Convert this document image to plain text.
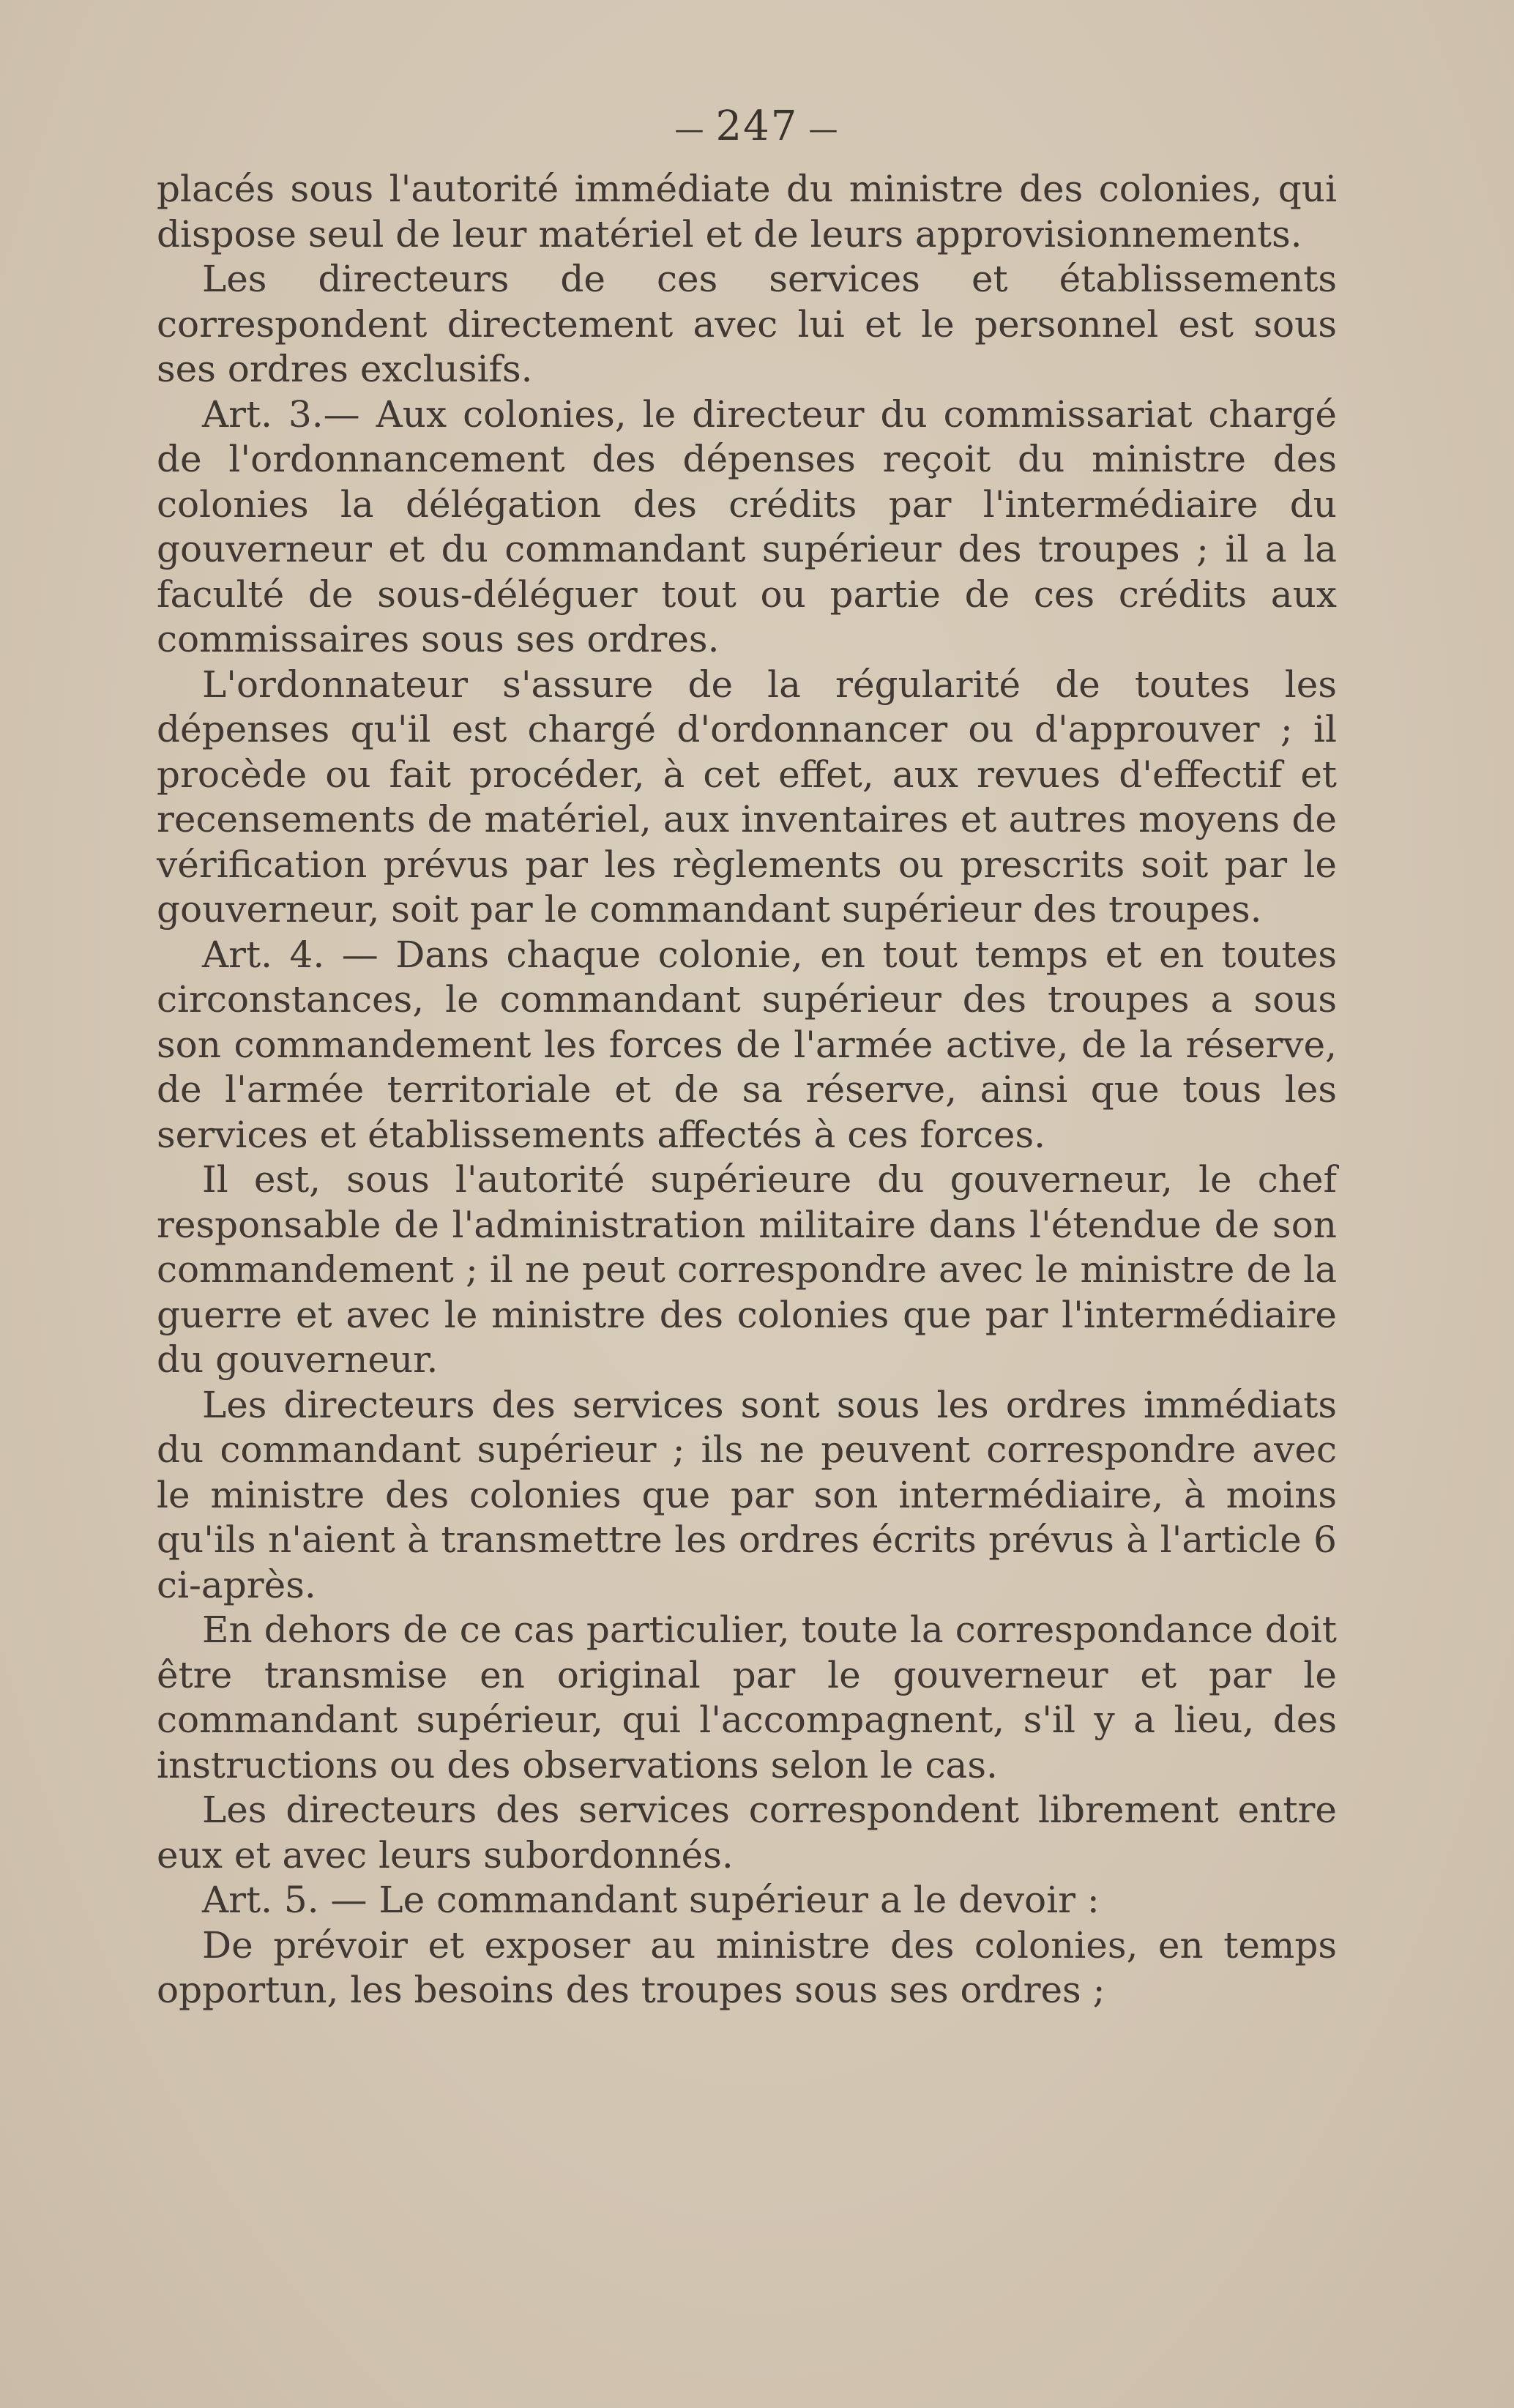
— 247 —

placés sous l'autorité immédiate du ministre des colonies, qui dispose seul de leur matériel et de leurs approvisionnements.

Les directeurs de ces services et établissements correspondent directement avec lui et le personnel est sous ses ordres exclusifs.

Art. 3.— Aux colonies, le directeur du commissariat chargé de l'ordonnancement des dépenses reçoit du ministre des colonies la délégation des crédits par l'intermédiaire du gouverneur et du commandant supérieur des troupes ; il a la faculté de sous-déléguer tout ou partie de ces crédits aux commissaires sous ses ordres.

L'ordonnateur s'assure de la régularité de toutes les dépenses qu'il est chargé d'ordonnancer ou d'approuver ; il procède ou fait procéder, à cet effet, aux revues d'effectif et recensements de matériel, aux inventaires et autres moyens de vérification prévus par les règlements ou prescrits soit par le gouverneur, soit par le commandant supérieur des troupes.

Art. 4. — Dans chaque colonie, en tout temps et en toutes circonstances, le commandant supérieur des troupes a sous son commandement les forces de l'armée active, de la réserve, de l'armée territoriale et de sa réserve, ainsi que tous les services et établissements affectés à ces forces.

Il est, sous l'autorité supérieure du gouverneur, le chef responsable de l'administration militaire dans l'étendue de son commandement ; il ne peut correspondre avec le ministre de la guerre et avec le ministre des colonies que par l'intermédiaire du gouverneur.

Les directeurs des services sont sous les ordres immédiats du commandant supérieur ; ils ne peuvent correspondre avec le ministre des colonies que par son intermédiaire, à moins qu'ils n'aient à transmettre les ordres écrits prévus à l'article 6 ci-après.

En dehors de ce cas particulier, toute la correspondance doit être transmise en original par le gouverneur et par le commandant supérieur, qui l'accompagnent, s'il y a lieu, des instructions ou des observations selon le cas.

Les directeurs des services correspondent librement entre eux et avec leurs subordonnés.

Art. 5. — Le commandant supérieur a le devoir :

De prévoir et exposer au ministre des colonies, en temps opportun, les besoins des troupes sous ses ordres ;
